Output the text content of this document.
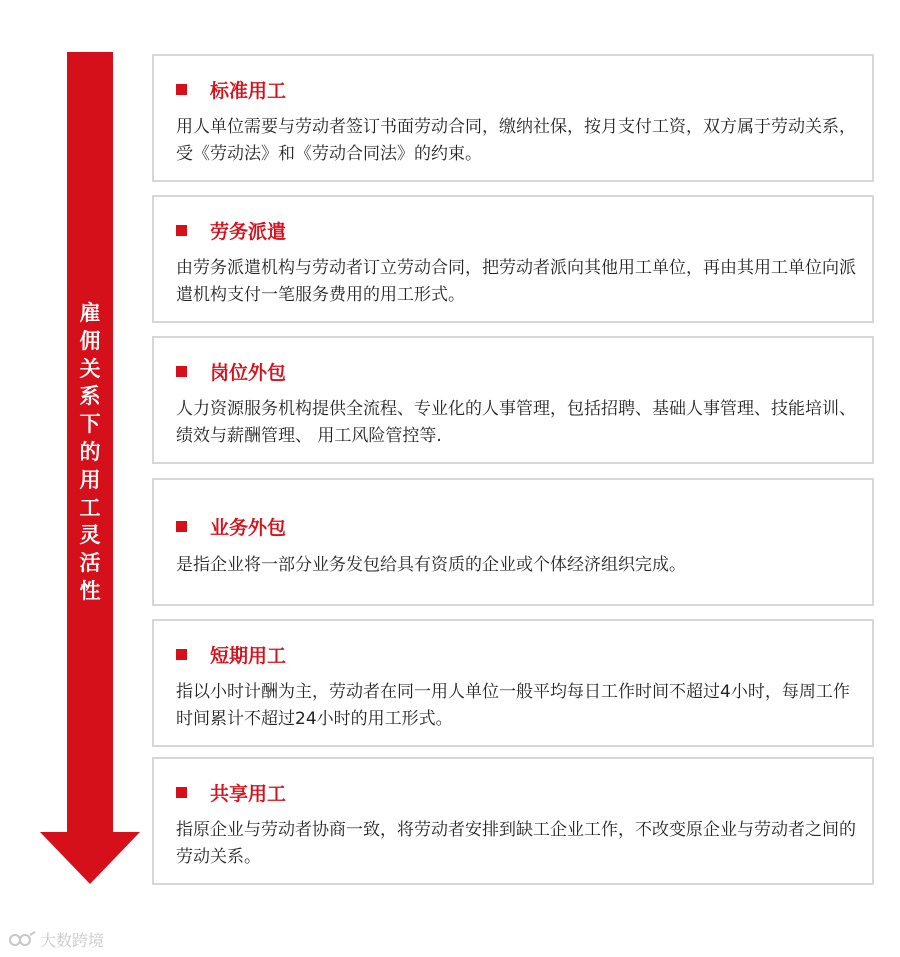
雇佣关系下的用工灵活性
标准用工
用人单位需要与劳动者签订书面劳动合同，缴纳社保，按月支付工资，双方属于劳动关系，受《劳动法》和《劳动合同法》的约束。
劳务派遣
由劳务派遣机构与劳动者订立劳动合同，把劳动者派向其他用工单位，再由其用工单位向派遣机构支付一笔服务费用的用工形式。
岗位外包
人力资源服务机构提供全流程、专业化的人事管理，包括招聘、基础人事管理、技能培训、绩效与薪酬管理、 用工风险管控等.
业务外包
是指企业将一部分业务发包给具有资质的企业或个体经济组织完成。
短期用工
指以小时计酬为主，劳动者在同一用人单位一般平均每日工作时间不超过4小时，每周工作时间累计不超过24小时的用工形式。
共享用工
指原企业与劳动者协商一致，将劳动者安排到缺工企业工作，不改变原企业与劳动者之间的劳动关系。
大数跨境
